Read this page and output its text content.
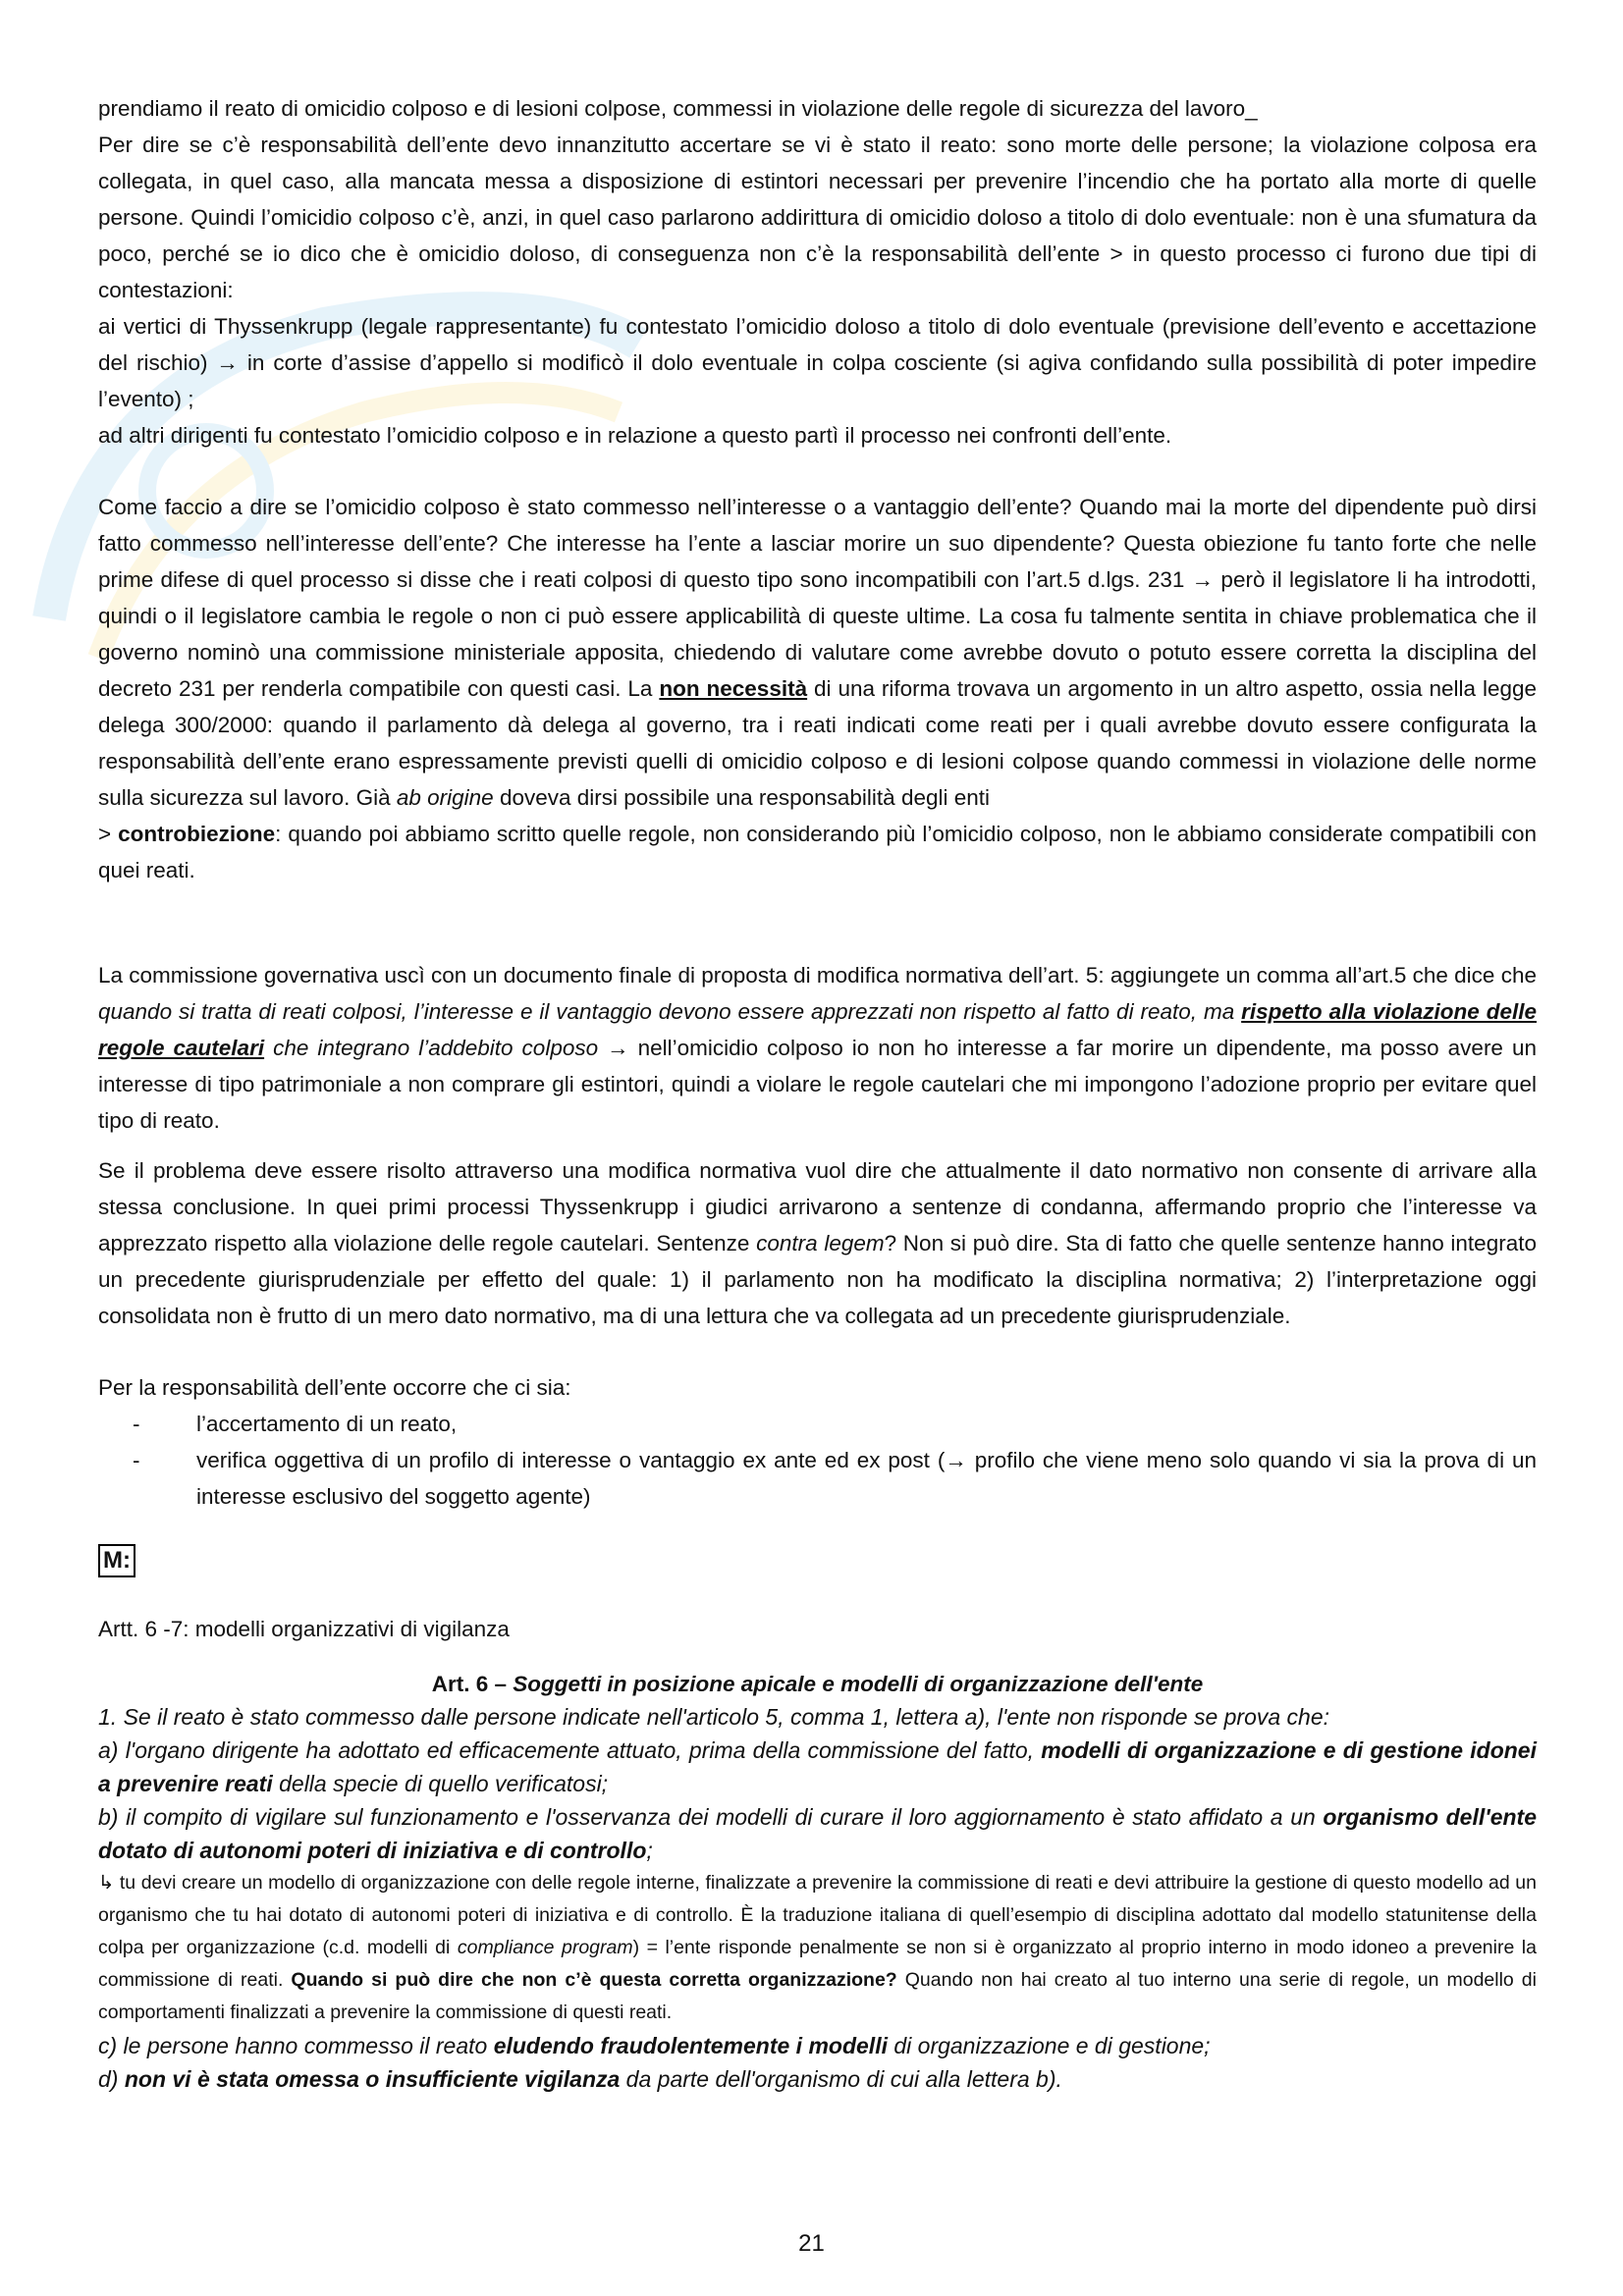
prendiamo il reato di omicidio colposo e di lesioni colpose, commessi in violazione delle regole di sicurezza del lavoro_

Per dire se c’è responsabilità dell’ente devo innanzitutto accertare se vi è stato il reato: sono morte delle persone; la violazione colposa era collegata, in quel caso, alla mancata messa a disposizione di estintori necessari per prevenire l’incendio che ha portato alla morte di quelle persone. Quindi l’omicidio colposo c’è, anzi, in quel caso parlarono addirittura di omicidio doloso a titolo di dolo eventuale: non è una sfumatura da poco, perché se io dico che è omicidio doloso, di conseguenza non c’è la responsabilità dell’ente > in questo processo ci furono due tipi di contestazioni:

ai vertici di Thyssenkrupp (legale rappresentante) fu contestato l’omicidio doloso a titolo di dolo eventuale (previsione dell’evento e accettazione del rischio) → in corte d’assise d’appello si modificò il dolo eventuale in colpa cosciente (si agiva confidando sulla possibilità di poter impedire l’evento) ;

ad altri dirigenti fu contestato l’omicidio colposo e in relazione a questo partì il processo nei confronti dell’ente.

Come faccio a dire se l’omicidio colposo è stato commesso nell’interesse o a vantaggio dell’ente? Quando mai la morte del dipendente può dirsi fatto commesso nell’interesse dell’ente? Che interesse ha l’ente a lasciar morire un suo dipendente? Questa obiezione fu tanto forte che nelle prime difese di quel processo si disse che i reati colposi di questo tipo sono incompatibili con l’art.5 d.lgs. 231 → però il legislatore li ha introdotti, quindi o il legislatore cambia le regole o non ci può essere applicabilità di queste ultime. La cosa fu talmente sentita in chiave problematica che il governo nominò una commissione ministeriale apposita, chiedendo di valutare come avrebbe dovuto o potuto essere corretta la disciplina del decreto 231 per renderla compatibile con questi casi. La non necessità di una riforma trovava un argomento in un altro aspetto, ossia nella legge delega 300/2000: quando il parlamento dà delega al governo, tra i reati indicati come reati per i quali avrebbe dovuto essere configurata la responsabilità dell’ente erano espressamente previsti quelli di omicidio colposo e di lesioni colpose quando commessi in violazione delle norme sulla sicurezza sul lavoro. Già ab origine doveva dirsi possibile una responsabilità degli enti
> controbiezione: quando poi abbiamo scritto quelle regole, non considerando più l’omicidio colposo, non le abbiamo considerate compatibili con quei reati.

La commissione governativa uscì con un documento finale di proposta di modifica normativa dell’art. 5: aggiungete un comma all’art.5 che dice che quando si tratta di reati colposi, l’interesse e il vantaggio devono essere apprezzati non rispetto al fatto di reato, ma rispetto alla violazione delle regole cautelari che integrano l’addebito colposo → nell’omicidio colposo io non ho interesse a far morire un dipendente, ma posso avere un interesse di tipo patrimoniale a non comprare gli estintori, quindi a violare le regole cautelari che mi impongono l’adozione proprio per evitare quel tipo di reato.

Se il problema deve essere risolto attraverso una modifica normativa vuol dire che attualmente il dato normativo non consente di arrivare alla stessa conclusione. In quei primi processi Thyssenkrupp i giudici arrivarono a sentenze di condanna, affermando proprio che l’interesse va apprezzato rispetto alla violazione delle regole cautelari. Sentenze contra legem? Non si può dire. Sta di fatto che quelle sentenze hanno integrato un precedente giurisprudenziale per effetto del quale: 1) il parlamento non ha modificato la disciplina normativa; 2) l’interpretazione oggi consolidata non è frutto di un mero dato normativo, ma di una lettura che va collegata ad un precedente giurisprudenziale.

Per la responsabilità dell’ente occorre che ci sia:

-	l’accertamento di un reato,
-	verifica oggettiva di un profilo di interesse o vantaggio ex ante ed ex post (→ profilo che viene meno solo quando vi sia la prova di un interesse esclusivo del soggetto agente)
M:

Artt. 6 -7: modelli organizzativi di vigilanza

Art. 6 – Soggetti in posizione apicale e modelli di organizzazione dell'ente
1. Se il reato è stato commesso dalle persone indicate nell'articolo 5, comma 1, lettera a), l'ente non risponde se prova che:
a) l'organo dirigente ha adottato ed efficacemente attuato, prima della commissione del fatto, modelli di organizzazione e di gestione idonei a prevenire reati della specie di quello verificatosi;
b) il compito di vigilare sul funzionamento e l'osservanza dei modelli di curare il loro aggiornamento è stato affidato a un organismo dell'ente dotato di autonomi poteri di iniziativa e di controllo;
↳ tu devi creare un modello di organizzazione con delle regole interne, finalizzate a prevenire la commissione di reati e devi attribuire la gestione di questo modello ad un organismo che tu hai dotato di autonomi poteri di iniziativa e di controllo. È la traduzione italiana di quell’esempio di disciplina adottato dal modello statunitense della colpa per organizzazione (c.d. modelli di compliance program) = l’ente risponde penalmente se non si è organizzato al proprio interno in modo idoneo a prevenire la commissione di reati. Quando si può dire che non c’è questa corretta organizzazione? Quando non hai creato al tuo interno una serie di regole, un modello di comportamenti finalizzati a prevenire la commissione di questi reati.
c) le persone hanno commesso il reato eludendo fraudolentemente i modelli di organizzazione e di gestione;
d) non vi è stata omessa o insufficiente vigilanza da parte dell'organismo di cui alla lettera b).
21
